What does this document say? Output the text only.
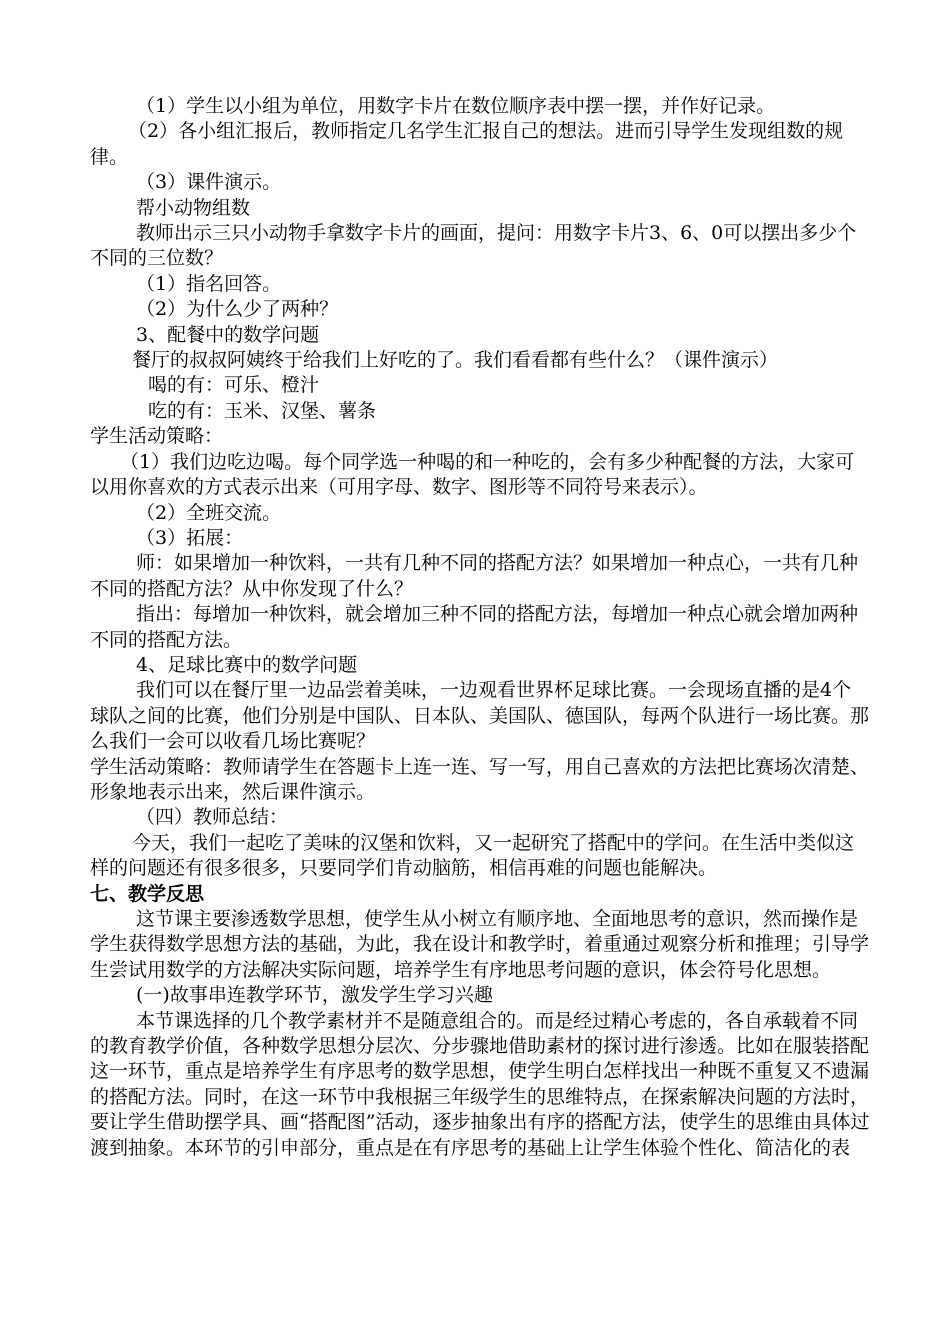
（1）学生以小组为单位，用数字卡片在数位顺序表中摆一摆，并作好记录。

（2）各小组汇报后，教师指定几名学生汇报自己的想法。进而引导学生发现组数的规律。

（3）课件演示。

帮小动物组数

教师出示三只小动物手拿数字卡片的画面，提问：用数字卡片3、6、0可以摆出多少个不同的三位数？

（1）指名回答。

（2）为什么少了两种？

3、配餐中的数学问题

餐厅的叔叔阿姨终于给我们上好吃的了。我们看看都有些什么？（课件演示）

喝的有：可乐、橙汁

吃的有：玉米、汉堡、薯条

学生活动策略：

（1）我们边吃边喝。每个同学选一种喝的和一种吃的，会有多少种配餐的方法，大家可以用你喜欢的方式表示出来（可用字母、数字、图形等不同符号来表示）。

（2）全班交流。

（3）拓展：

师：如果增加一种饮料，一共有几种不同的搭配方法？如果增加一种点心，一共有几种不同的搭配方法？从中你发现了什么？

指出：每增加一种饮料，就会增加三种不同的搭配方法，每增加一种点心就会增加两种不同的搭配方法。

4、足球比赛中的数学问题

我们可以在餐厅里一边品尝着美味，一边观看世界杯足球比赛。一会现场直播的是4个球队之间的比赛，他们分别是中国队、日本队、美国队、德国队，每两个队进行一场比赛。那么我们一会可以收看几场比赛呢？

学生活动策略：教师请学生在答题卡上连一连、写一写，用自己喜欢的方法把比赛场次清楚、形象地表示出来，然后课件演示。

（四）教师总结：

今天，我们一起吃了美味的汉堡和饮料，又一起研究了搭配中的学问。在生活中类似这样的问题还有很多很多，只要同学们肯动脑筋，相信再难的问题也能解决。

七、教学反思

这节课主要渗透数学思想，使学生从小树立有顺序地、全面地思考的意识，然而操作是学生获得数学思想方法的基础，为此，我在设计和教学时，着重通过观察分析和推理；引导学生尝试用数学的方法解决实际问题，培养学生有序地思考问题的意识，体会符号化思想。

(一)故事串连教学环节，激发学生学习兴趣

本节课选择的几个教学素材并不是随意组合的。而是经过精心考虑的，各自承载着不同的教育教学价值，各种数学思想分层次、分步骤地借助素材的探讨进行渗透。比如在服装搭配这一环节，重点是培养学生有序思考的数学思想，使学生明白怎样找出一种既不重复又不遗漏的搭配方法。同时，在这一环节中我根据三年级学生的思维特点，在探索解决问题的方法时，要让学生借助摆学具、画“搭配图”活动，逐步抽象出有序的搭配方法，使学生的思维由具体过渡到抽象。本环节的引申部分，重点是在有序思考的基础上让学生体验个性化、简洁化的表
